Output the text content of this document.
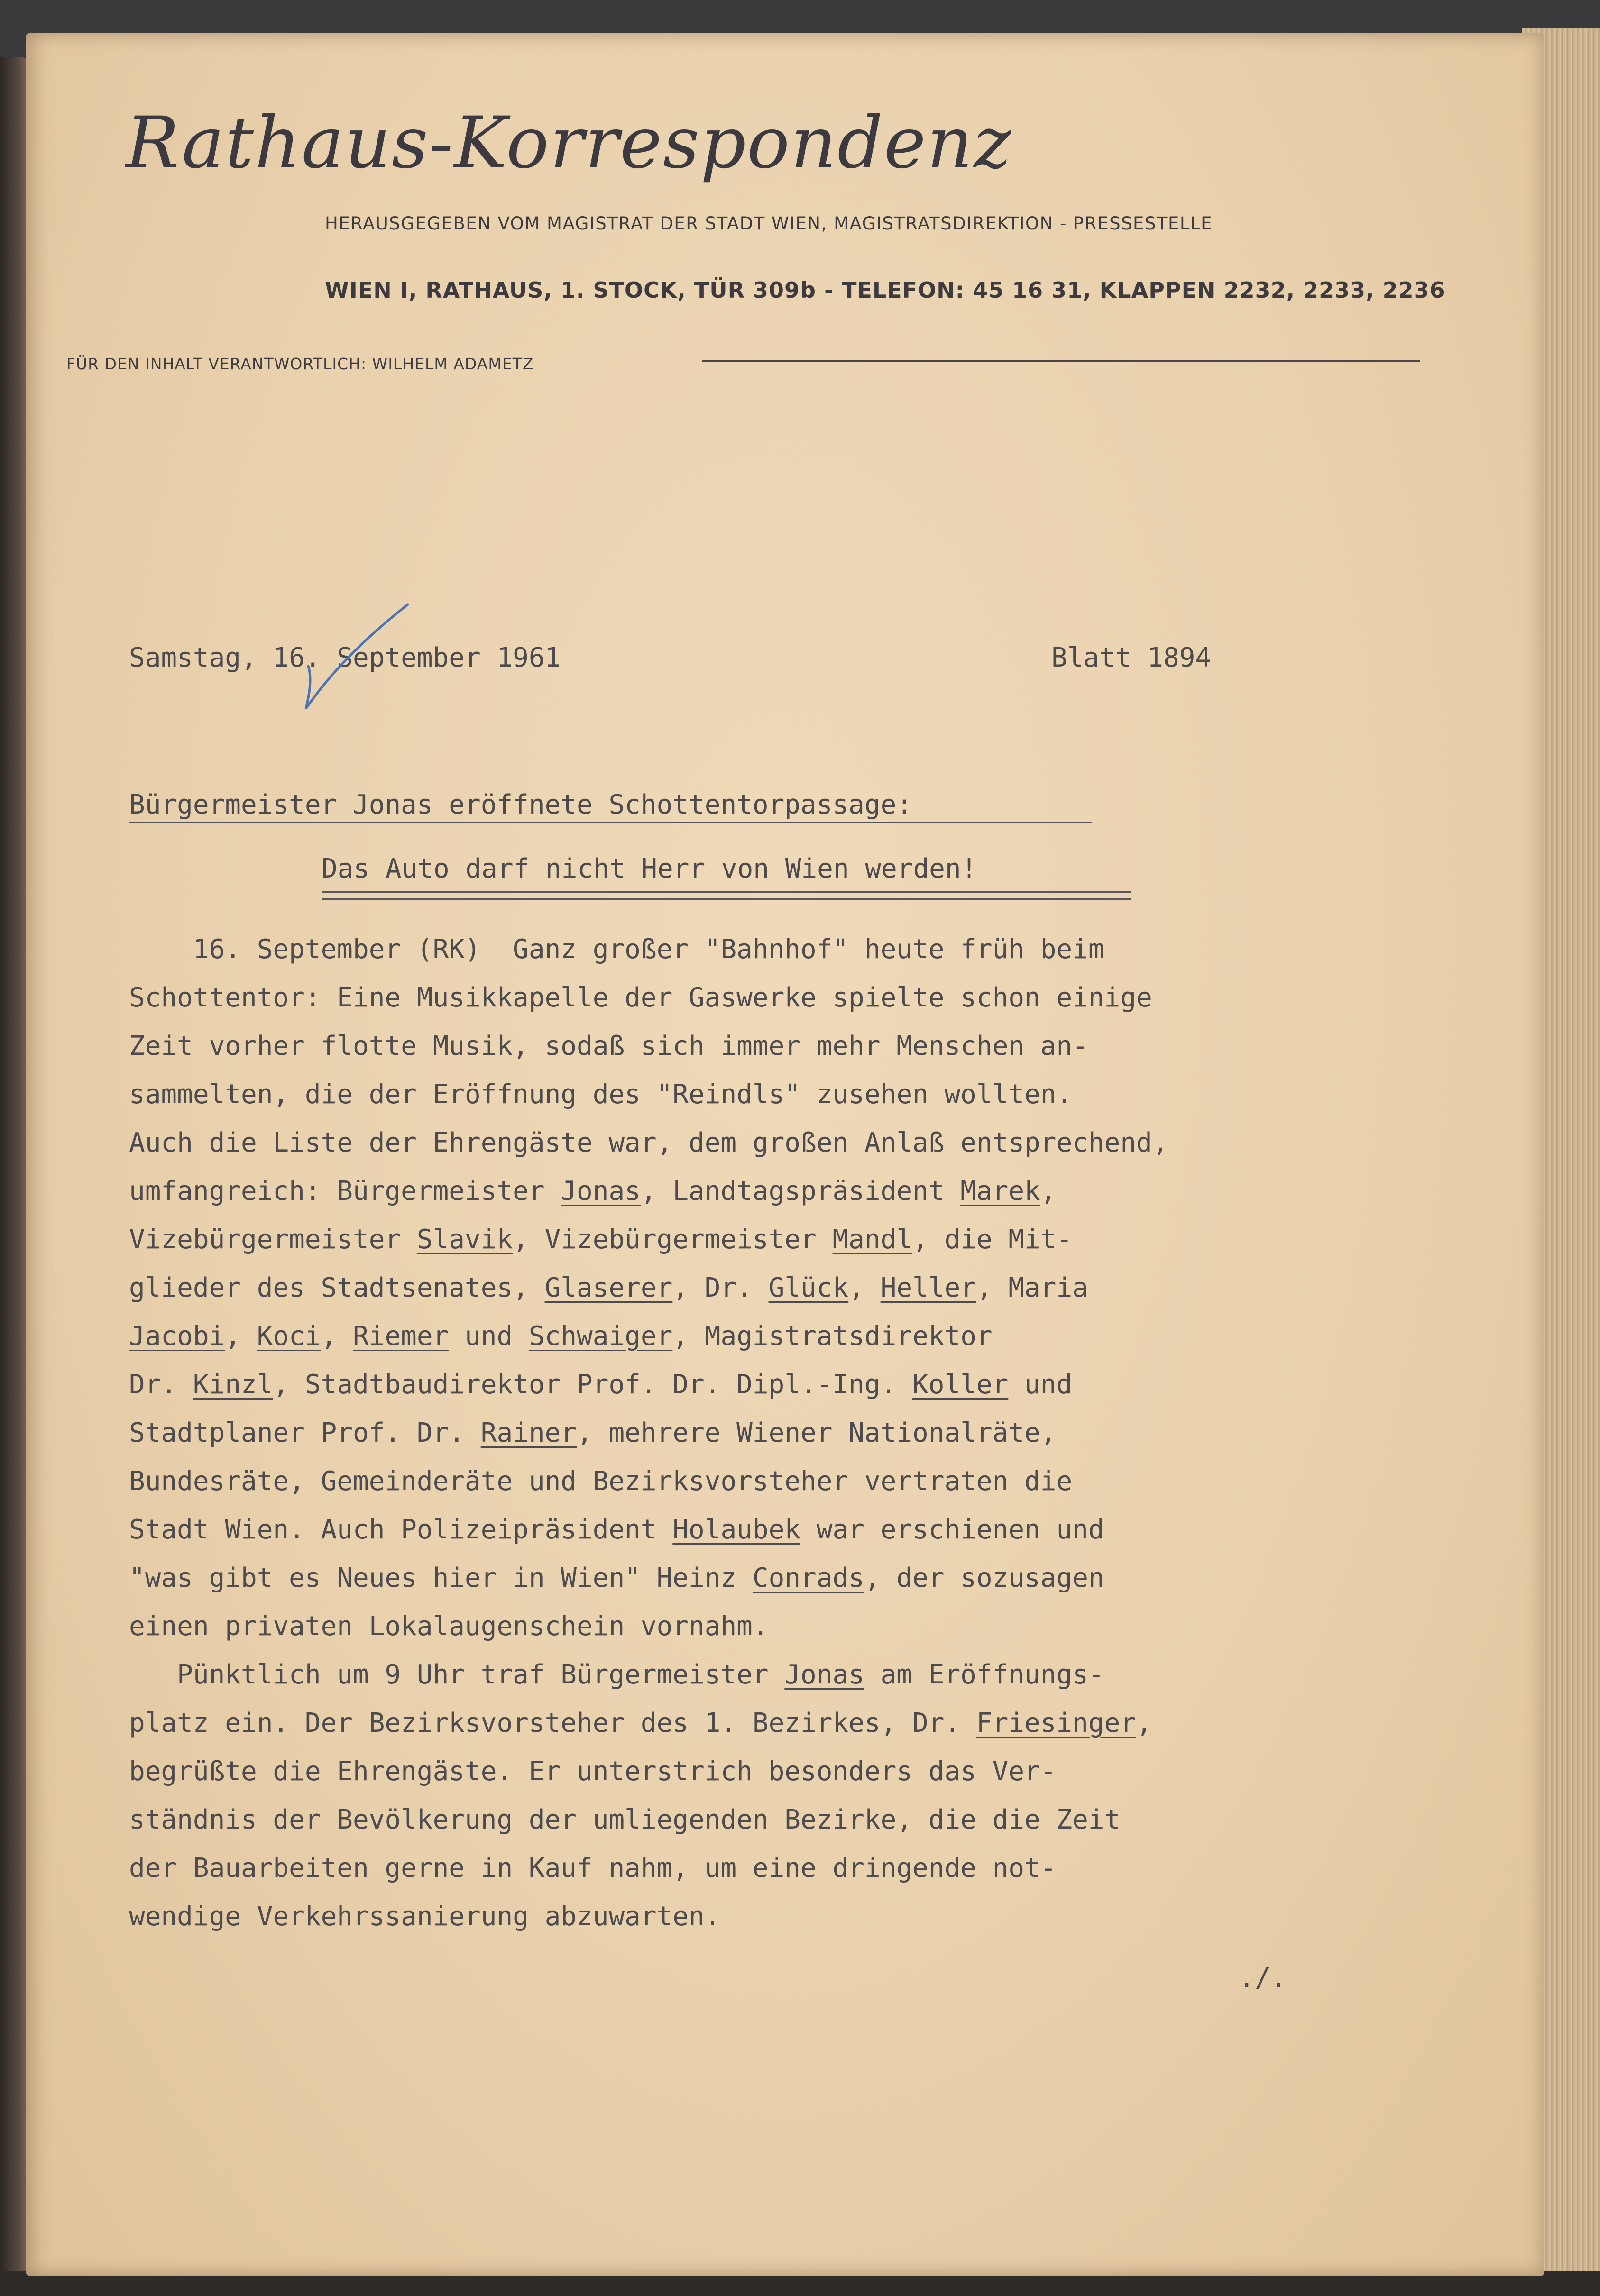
Rathaus-Korrespondenz
HERAUSGEGEBEN VOM MAGISTRAT DER STADT WIEN, MAGISTRATSDIREKTION - PRESSESTELLE
WIEN I, RATHAUS, 1. STOCK, TÜR 309b - TELEFON: 45 16 31, KLAPPEN 2232, 2233, 2236
FÜR DEN INHALT VERANTWORTLICH: WILHELM ADAMETZ
Samstag, 16. September 1961	Blatt 1894
Bürgermeister Jonas eröffnete Schottentorpassage:
Das Auto darf nicht Herr von Wien werden!
16. September (RK)  Ganz großer "Bahnhof" heute früh beim
Schottentor: Eine Musikkapelle der Gaswerke spielte schon einige
Zeit vorher flotte Musik, sodaß sich immer mehr Menschen an-
sammelten, die der Eröffnung des "Reindls" zusehen wollten.
Auch die Liste der Ehrengäste war, dem großen Anlaß entsprechend,
umfangreich: Bürgermeister Jonas, Landtagspräsident Marek,
Vizebürgermeister Slavik, Vizebürgermeister Mandl, die Mit-
glieder des Stadtsenates, Glaserer, Dr. Glück, Heller, Maria
Jacobi, Koci, Riemer und Schwaiger, Magistratsdirektor
Dr. Kinzl, Stadtbaudirektor Prof. Dr. Dipl.-Ing. Koller und
Stadtplaner Prof. Dr. Rainer, mehrere Wiener Nationalräte,
Bundesräte, Gemeinderäte und Bezirksvorsteher vertraten die
Stadt Wien. Auch Polizeipräsident Holaubek war erschienen und
"was gibt es Neues hier in Wien" Heinz Conrads, der sozusagen
einen privaten Lokalaugenschein vornahm.
Pünktlich um 9 Uhr traf Bürgermeister Jonas am Eröffnungs-
platz ein. Der Bezirksvorsteher des 1. Bezirkes, Dr. Friesinger,
begrüßte die Ehrengäste. Er unterstrich besonders das Ver-
ständnis der Bevölkerung der umliegenden Bezirke, die die Zeit
der Bauarbeiten gerne in Kauf nahm, um eine dringende not-
wendige Verkehrssanierung abzuwarten.
./.
